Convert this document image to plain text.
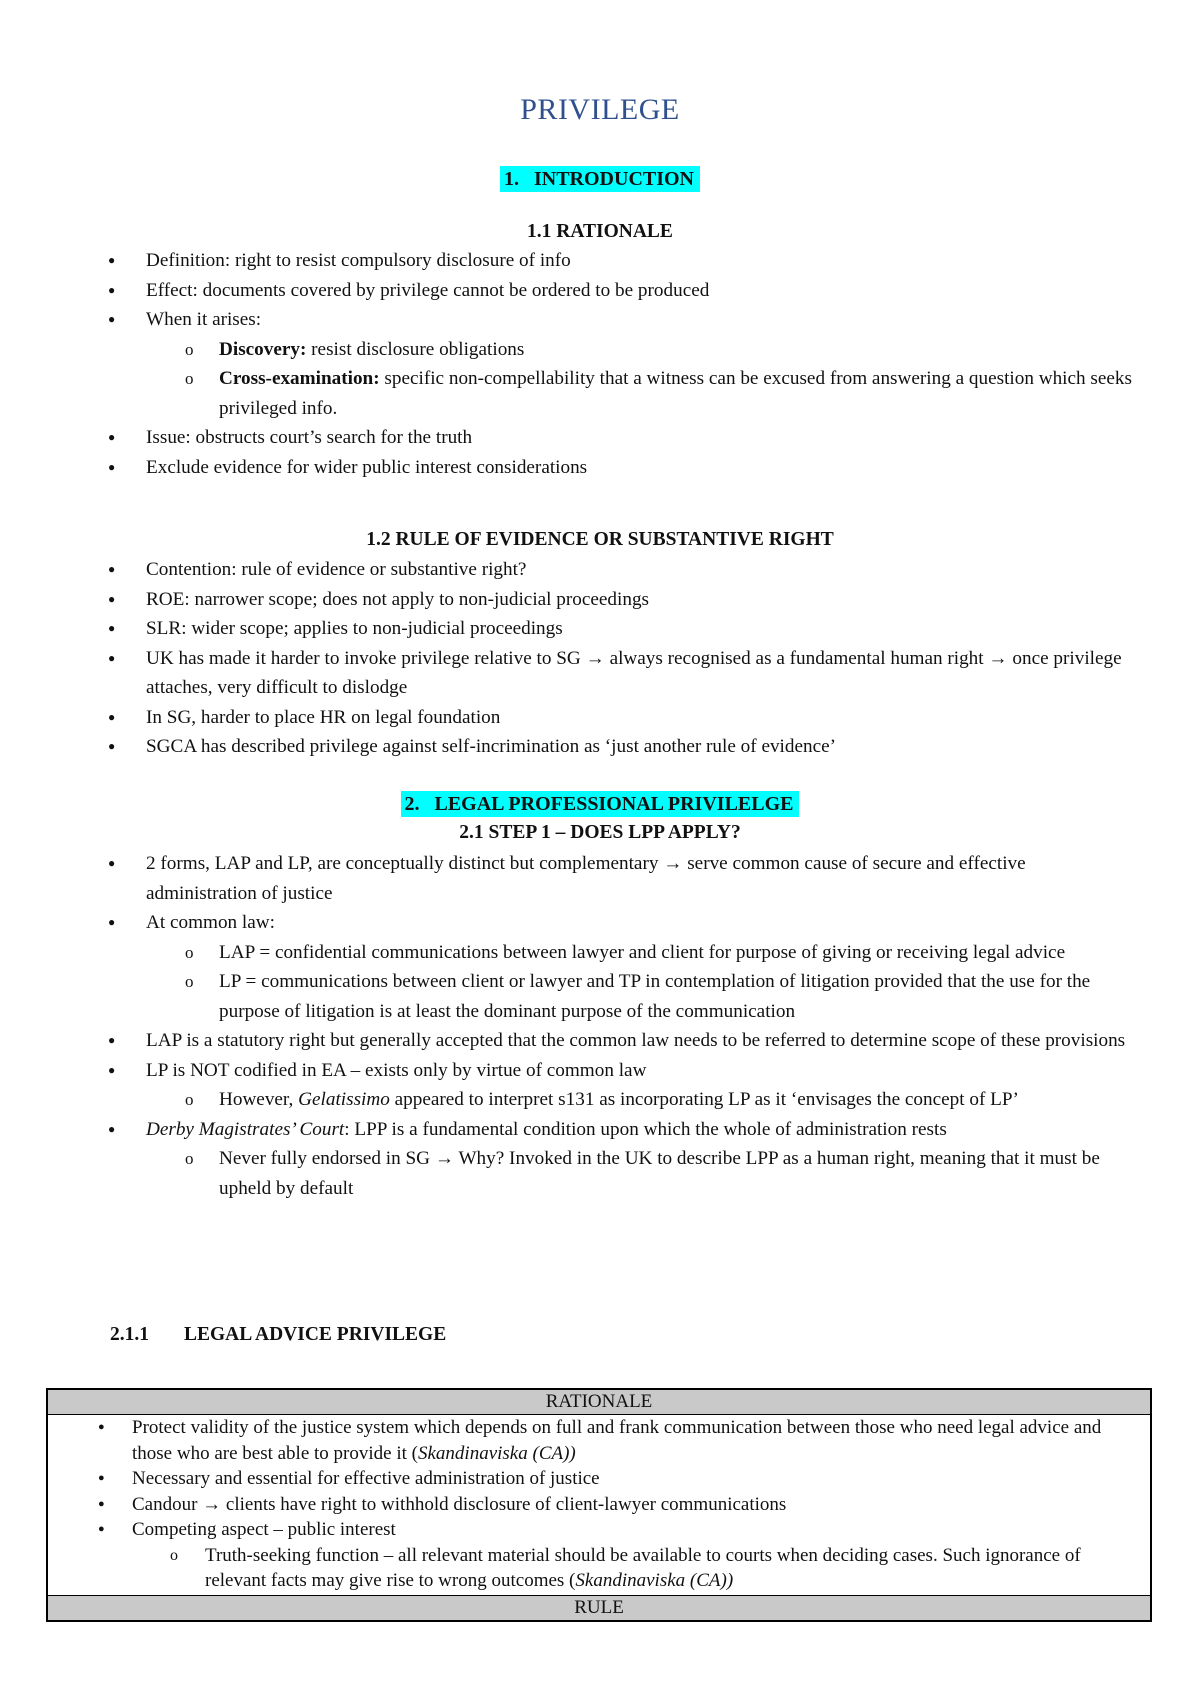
PRIVILEGE
1.   INTRODUCTION
1.1 RATIONALE
● Definition: right to resist compulsory disclosure of info
● Effect: documents covered by privilege cannot be ordered to be produced
● When it arises:
o Discovery: resist disclosure obligations
o Cross-examination: specific non-compellability that a witness can be excused from answering a question which seeks privileged info.
● Issue: obstructs court’s search for the truth
● Exclude evidence for wider public interest considerations
1.2 RULE OF EVIDENCE OR SUBSTANTIVE RIGHT
● Contention: rule of evidence or substantive right?
● ROE: narrower scope; does not apply to non-judicial proceedings
● SLR: wider scope; applies to non-judicial proceedings
● UK has made it harder to invoke privilege relative to SG → always recognised as a fundamental human right → once privilege attaches, very difficult to dislodge
● In SG, harder to place HR on legal foundation
● SGCA has described privilege against self-incrimination as ‘just another rule of evidence’
2.   LEGAL PROFESSIONAL PRIVILELGE
2.1 STEP 1 – DOES LPP APPLY?
● 2 forms, LAP and LP, are conceptually distinct but complementary → serve common cause of secure and effective administration of justice
● At common law:
o LAP = confidential communications between lawyer and client for purpose of giving or receiving legal advice
o LP = communications between client or lawyer and TP in contemplation of litigation provided that the use for the purpose of litigation is at least the dominant purpose of the communication
● LAP is a statutory right but generally accepted that the common law needs to be referred to determine scope of these provisions
● LP is NOT codified in EA – exists only by virtue of common law
o However, Gelatissimo appeared to interpret s131 as incorporating LP as it ‘envisages the concept of LP’
● Derby Magistrates’ Court: LPP is a fundamental condition upon which the whole of administration rests
o Never fully endorsed in SG → Why? Invoked in the UK to describe LPP as a human right, meaning that it must be upheld by default
2.1.1 LEGAL ADVICE PRIVILEGE
RATIONALE
● Protect validity of the justice system which depends on full and frank communication between those who need legal advice and those who are best able to provide it (Skandinaviska (CA))
● Necessary and essential for effective administration of justice
● Candour → clients have right to withhold disclosure of client-lawyer communications
● Competing aspect – public interest
o Truth-seeking function – all relevant material should be available to courts when deciding cases. Such ignorance of relevant facts may give rise to wrong outcomes (Skandinaviska (CA))
RULE
